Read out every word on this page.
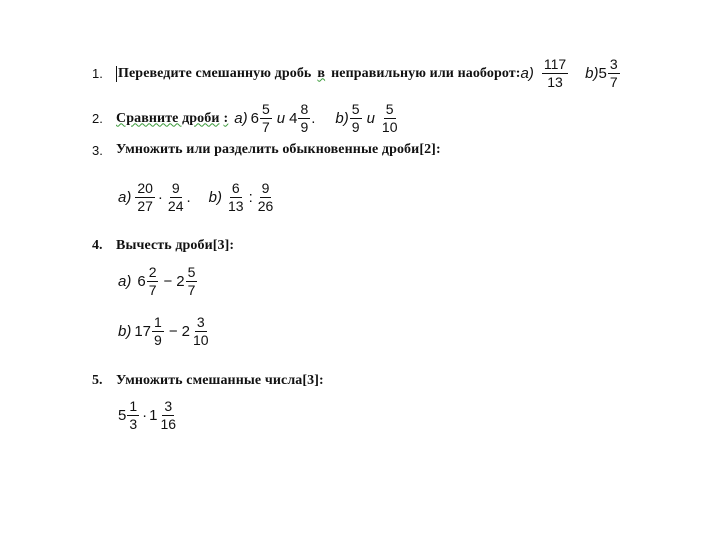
1.	Переведите смешанную дробь в неправильную или наоборот: $a) \frac{117}{13} b$) $5 \frac{3}{7}$
2. Сравните дроби : a) $6 \frac{5}{7}$ и $4 \frac{8}{9}$ . $b) \frac{5}{9}$ и $\frac{5}{10}$
3. Умножить или разделить обыкновенные дроби[2]:
$a) \frac{20}{27} \cdot \frac{9}{24}$ . $b) \frac{6}{13}$ : $\frac{9}{26}$
4. Вычесть дроби[3]:
a) $6 \frac{2}{7} - 2 \frac{5}{7}$
b) $17 \frac{1}{9} - 2 \frac{3}{10}$
5. Умножить смешанные числа[3]:
$5 \frac{1}{3} \cdot 1 \frac{3}{16}$
